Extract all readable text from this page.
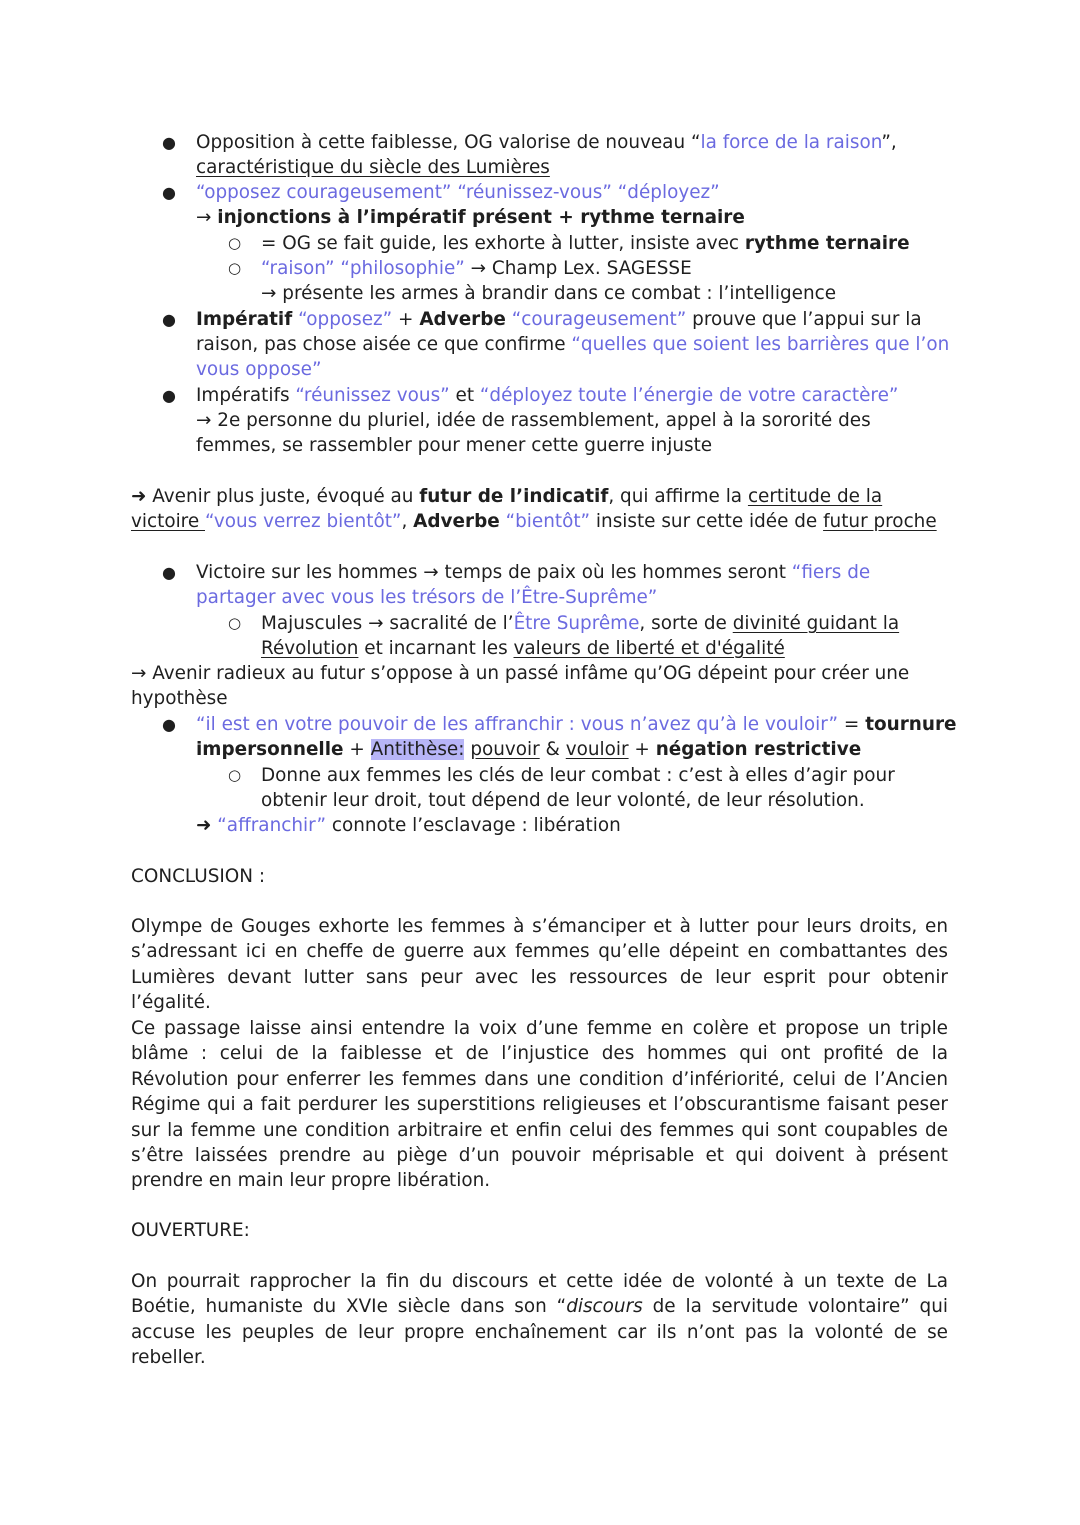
● Opposition à cette faiblesse, OG valorise de nouveau “la force de la raison”,
caractéristique du siècle des Lumières
● “opposez courageusement” “réunissez-vous” “déployez”
→ injonctions à l’impératif présent + rythme ternaire
○ = OG se fait guide, les exhorte à lutter, insiste avec rythme ternaire
○ “raison” “philosophie” → Champ Lex. SAGESSE
→ présente les armes à brandir dans ce combat : l’intelligence
● Impératif “opposez” + Adverbe “courageusement” prouve que l’appui sur la
raison, pas chose aisée ce que confirme “quelles que soient les barrières que l’on
vous oppose”
● Impératifs “réunissez vous” et “déployez toute l’énergie de votre caractère”
→ 2e personne du pluriel, idée de rassemblement, appel à la sororité des
femmes, se rassembler pour mener cette guerre injuste
➜ Avenir plus juste, évoqué au futur de l’indicatif, qui affirme la certitude de la
victoire “vous verrez bientôt”, Adverbe “bientôt” insiste sur cette idée de futur proche
● Victoire sur les hommes → temps de paix où les hommes seront “fiers de
partager avec vous les trésors de l’Être-Suprême”
○ Majuscules → sacralité de l’Être Suprême, sorte de divinité guidant la
Révolution et incarnant les valeurs de liberté et d'égalité
→ Avenir radieux au futur s’oppose à un passé infâme qu’OG dépeint pour créer une
hypothèse
● “il est en votre pouvoir de les affranchir : vous n’avez qu’à le vouloir” = tournure
impersonnelle + Antithèse: pouvoir & vouloir + négation restrictive
○ Donne aux femmes les clés de leur combat : c’est à elles d’agir pour
obtenir leur droit, tout dépend de leur volonté, de leur résolution.
➜ “affranchir” connote l’esclavage : libération
CONCLUSION :

Olympe de Gouges exhorte les femmes à s’émanciper et à lutter pour leurs droits, en s’adressant ici en cheffe de guerre aux femmes qu’elle dépeint en combattantes des Lumières devant lutter sans peur avec les ressources de leur esprit pour obtenir l’égalité.

Ce passage laisse ainsi entendre la voix d’une femme en colère et propose un triple blâme : celui de la faiblesse et de l’injustice des hommes qui ont profité de la Révolution pour enferrer les femmes dans une condition d’infériorité, celui de l’Ancien Régime qui a fait perdurer les superstitions religieuses et l’obscurantisme faisant peser sur la femme une condition arbitraire et enfin celui des femmes qui sont coupables de s’être laissées prendre au piège d’un pouvoir méprisable et qui doivent à présent prendre en main leur propre libération.

OUVERTURE:

On pourrait rapprocher la fin du discours et cette idée de volonté à un texte de La Boétie, humaniste du XVIe siècle dans son “discours de la servitude volontaire” qui accuse les peuples de leur propre enchaînement car ils n’ont pas la volonté de se rebeller.
